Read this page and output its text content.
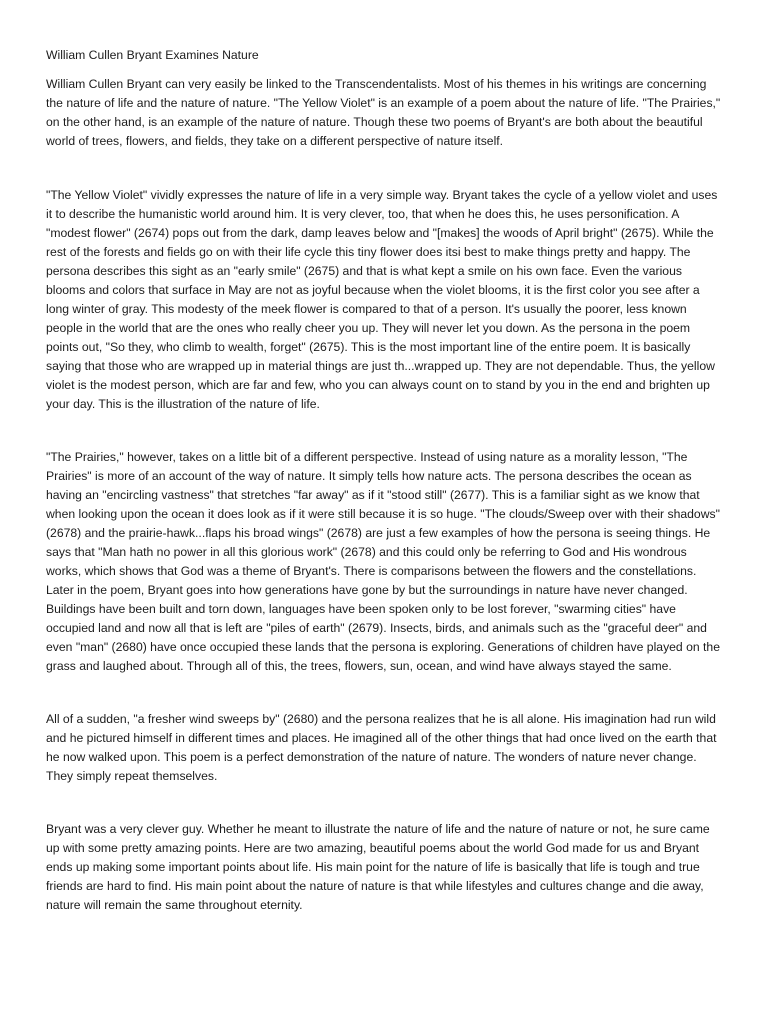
William Cullen Bryant Examines Nature

William Cullen Bryant can very easily be linked to the Transcendentalists. Most of his themes in his writings are concerning the nature of life and the nature of nature. "The Yellow Violet" is an example of a poem about the nature of life. "The Prairies," on the other hand, is an example of the nature of nature. Though these two poems of Bryant's are both about the beautiful world of trees, flowers, and fields, they take on a different perspective of nature itself.

"The Yellow Violet" vividly expresses the nature of life in a very simple way. Bryant takes the cycle of a yellow violet and uses it to describe the humanistic world around him. It is very clever, too, that when he does this, he uses personification. A "modest flower" (2674) pops out from the dark, damp leaves below and "[makes] the woods of April bright" (2675). While the rest of the forests and fields go on with their life cycle this tiny flower does itsi best to make things pretty and happy. The persona describes this sight as an "early smile" (2675) and that is what kept a smile on his own face. Even the various blooms and colors that surface in May are not as joyful because when the violet blooms, it is the first color you see after a long winter of gray. This modesty of the meek flower is compared to that of a person. It's usually the poorer, less known people in the world that are the ones who really cheer you up. They will never let you down. As the persona in the poem points out, "So they, who climb to wealth, forget" (2675). This is the most important line of the entire poem. It is basically saying that those who are wrapped up in material things are just th...wrapped up. They are not dependable. Thus, the yellow violet is the modest person, which are far and few, who you can always count on to stand by you in the end and brighten up your day. This is the illustration of the nature of life.

"The Prairies," however, takes on a little bit of a different perspective. Instead of using nature as a morality lesson, "The Prairies" is more of an account of the way of nature. It simply tells how nature acts. The persona describes the ocean as having an "encircling vastness" that stretches "far away" as if it "stood still" (2677). This is a familiar sight as we know that when looking upon the ocean it does look as if it were still because it is so huge. "The clouds/Sweep over with their shadows" (2678) and the prairie-hawk...flaps his broad wings" (2678) are just a few examples of how the persona is seeing things. He says that "Man hath no power in all this glorious work" (2678) and this could only be referring to God and His wondrous works, which shows that God was a theme of Bryant's. There is comparisons between the flowers and the constellations. Later in the poem, Bryant goes into how generations have gone by but the surroundings in nature have never changed. Buildings have been built and torn down, languages have been spoken only to be lost forever, "swarming cities" have occupied land and now all that is left are "piles of earth" (2679). Insects, birds, and animals such as the "graceful deer" and even "man" (2680) have once occupied these lands that the persona is exploring. Generations of children have played on the grass and laughed about. Through all of this, the trees, flowers, sun, ocean, and wind have always stayed the same.

All of a sudden, "a fresher wind sweeps by" (2680) and the persona realizes that he is all alone. His imagination had run wild and he pictured himself in different times and places. He imagined all of the other things that had once lived on the earth that he now walked upon. This poem is a perfect demonstration of the nature of nature. The wonders of nature never change. They simply repeat themselves.

Bryant was a very clever guy. Whether he meant to illustrate the nature of life and the nature of nature or not, he sure came up with some pretty amazing points. Here are two amazing, beautiful poems about the world God made for us and Bryant ends up making some important points about life. His main point for the nature of life is basically that life is tough and true friends are hard to find. His main point about the nature of nature is that while lifestyles and cultures change and die away, nature will remain the same throughout eternity.
